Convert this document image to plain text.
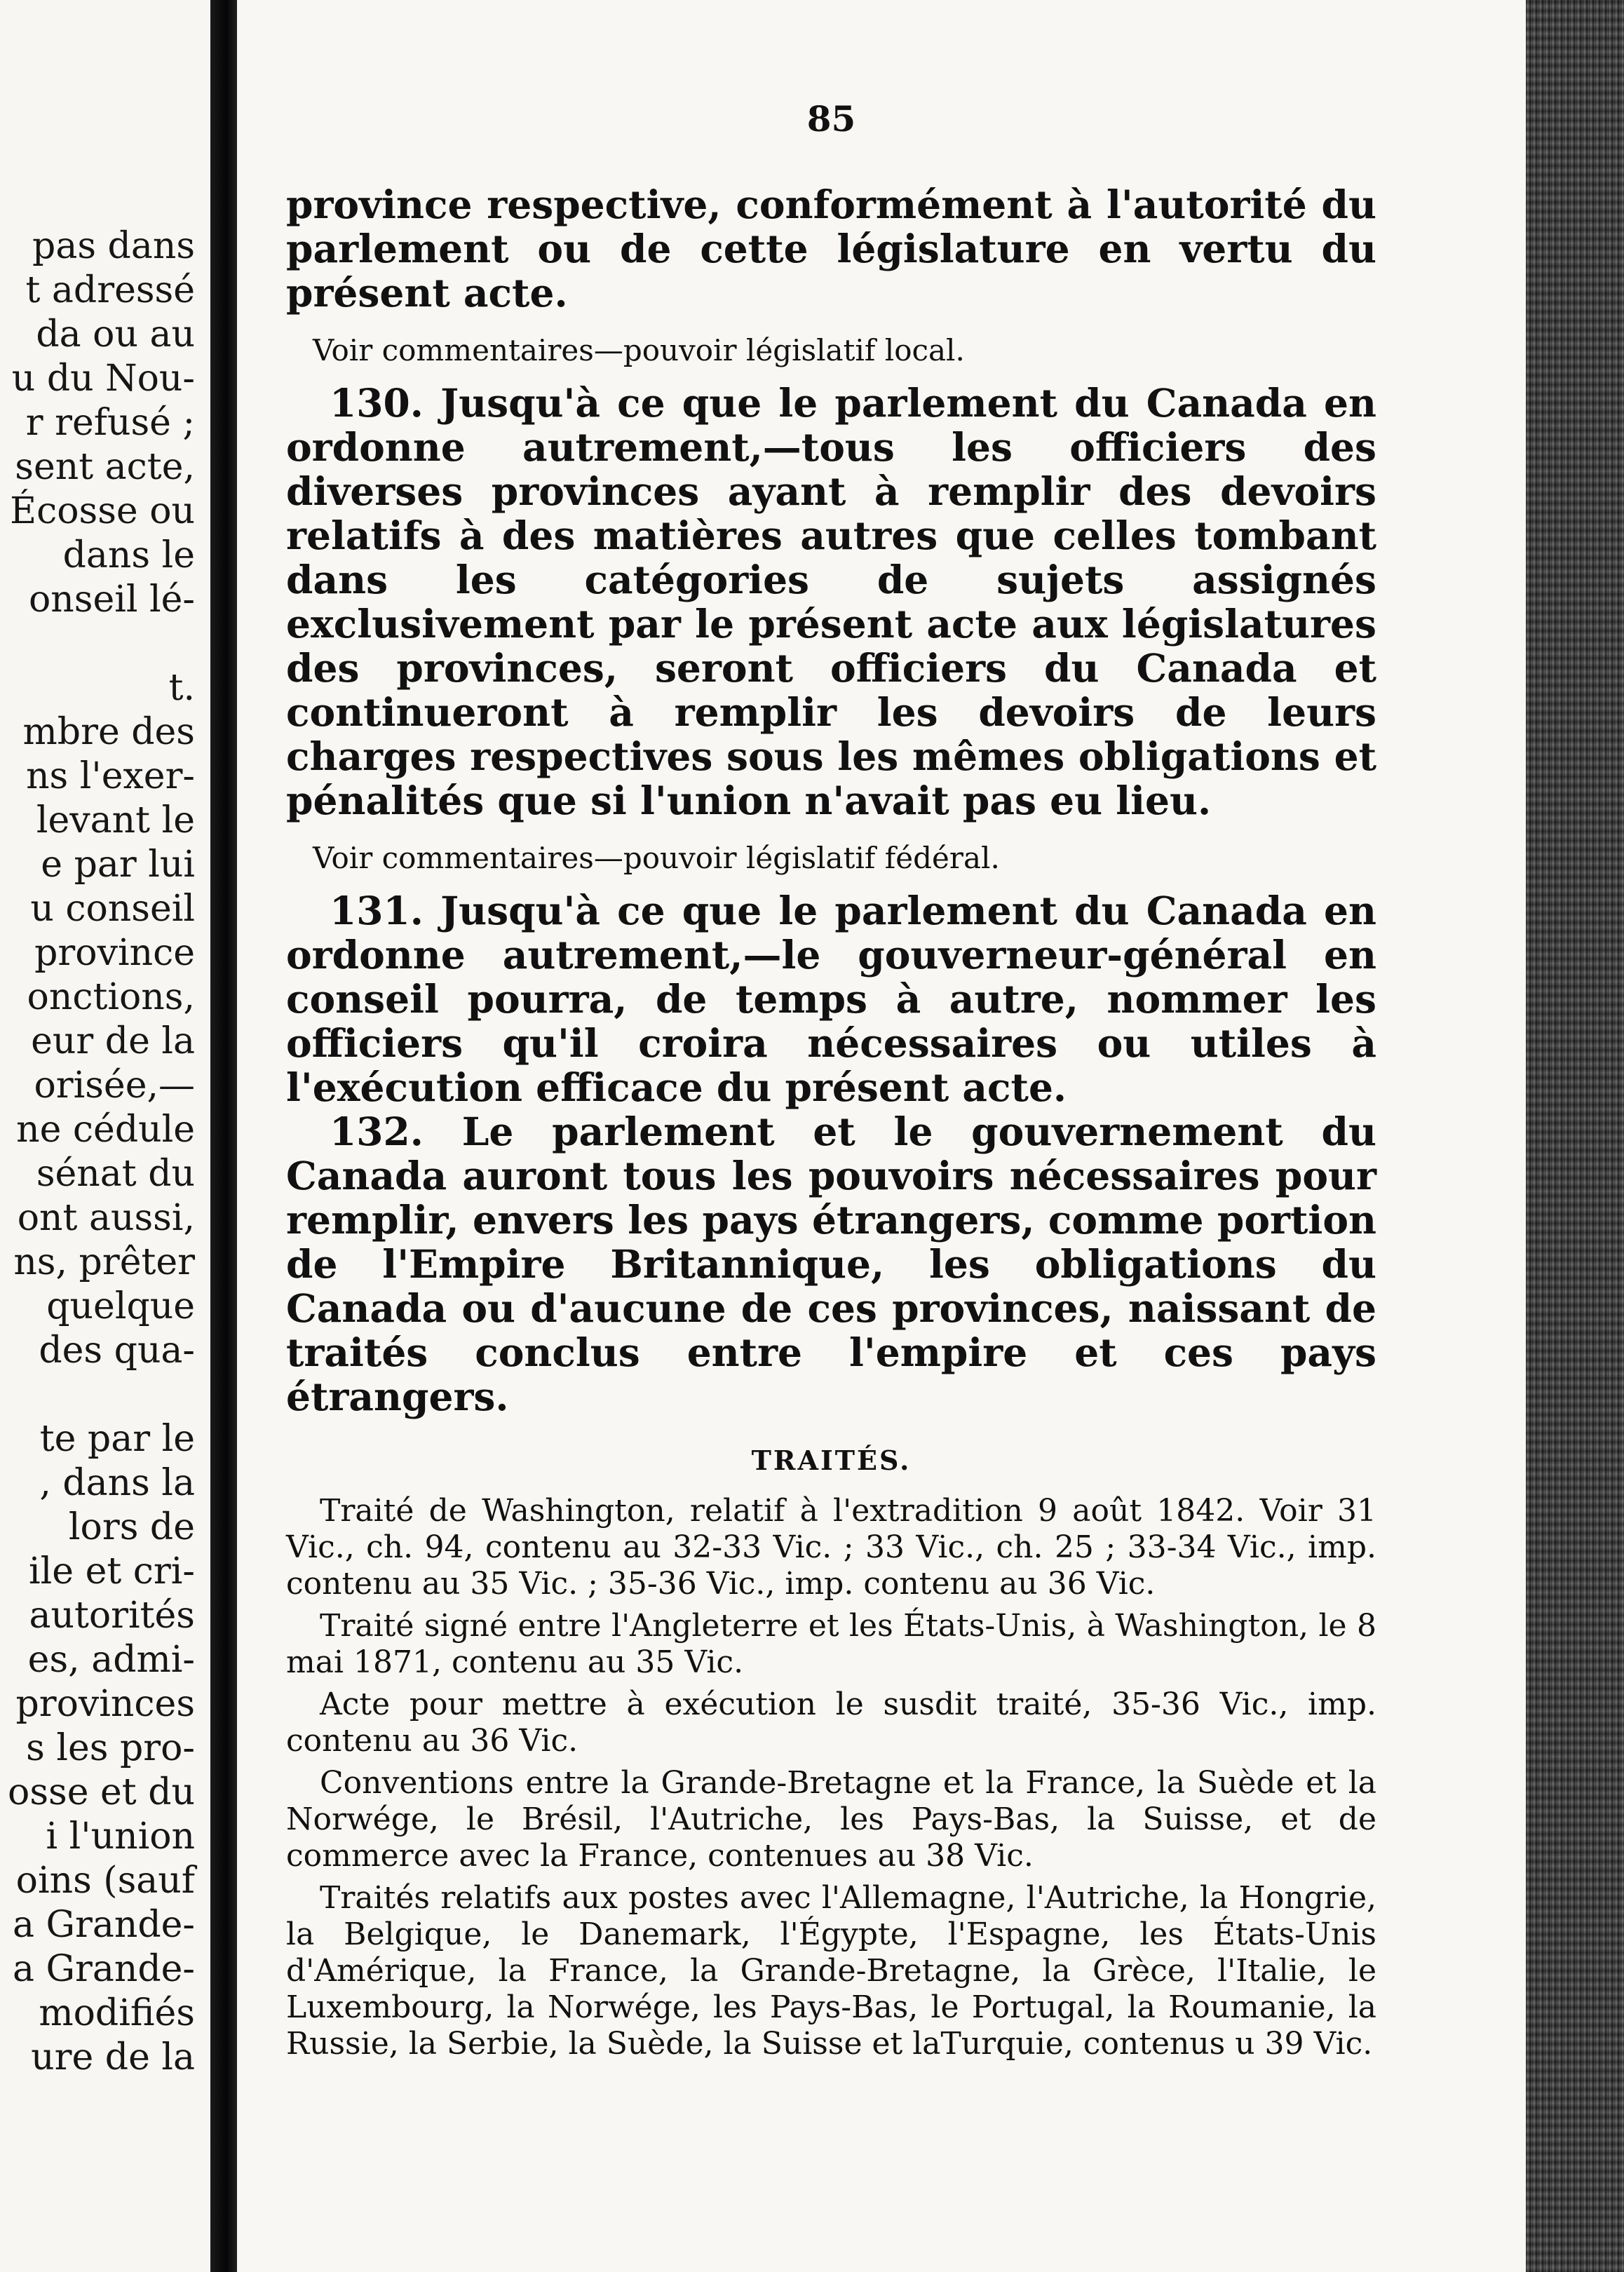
pas dans
t adressé
da ou au
u du Nou-
r refusé ;
sent acte,
Écosse ou
dans le
onseil lé-

t.
mbre des
ns l'exer-
levant le
e par lui
u conseil
province
onctions,
eur de la
orisée,—
ne cédule
sénat du
ont aussi,
ns, prêter
quelque
des qua-

te par le
, dans la
lors de
ile et cri-
autorités
es, admi-
provinces
s les pro-
osse et du
i l'union
oins (sauf
a Grande-
a Grande-
modifiés
ure de la
85

province respective, conformément à l'autorité du parlement ou de cette législature en vertu du présent acte.

Voir commentaires—pouvoir législatif local.

130. Jusqu'à ce que le parlement du Canada en ordonne autrement,—tous les officiers des diverses provinces ayant à remplir des devoirs relatifs à des matières autres que celles tombant dans les catégories de sujets assignés exclusivement par le présent acte aux législatures des provinces, seront officiers du Canada et continueront à remplir les devoirs de leurs charges respectives sous les mêmes obligations et pénalités que si l'union n'avait pas eu lieu.

Voir commentaires—pouvoir législatif fédéral.

131. Jusqu'à ce que le parlement du Canada en ordonne autrement,—le gouverneur-général en conseil pourra, de temps à autre, nommer les officiers qu'il croira nécessaires ou utiles à l'exécution efficace du présent acte.

132. Le parlement et le gouvernement du Canada auront tous les pouvoirs nécessaires pour remplir, envers les pays étrangers, comme portion de l'Empire Britannique, les obligations du Canada ou d'aucune de ces provinces, naissant de traités conclus entre l'empire et ces pays étrangers.

TRAITÉS.

Traité de Washington, relatif à l'extradition 9 août 1842. Voir 31 Vic., ch. 94, contenu au 32-33 Vic. ; 33 Vic., ch. 25 ; 33-34 Vic., imp. contenu au 35 Vic. ; 35-36 Vic., imp. contenu au 36 Vic.

Traité signé entre l'Angleterre et les États-Unis, à Washington, le 8 mai 1871, contenu au 35 Vic.

Acte pour mettre à exécution le susdit traité, 35-36 Vic., imp. contenu au 36 Vic.

Conventions entre la Grande-Bretagne et la France, la Suède et la Norwége, le Brésil, l'Autriche, les Pays-Bas, la Suisse, et de commerce avec la France, contenues au 38 Vic.

Traités relatifs aux postes avec l'Allemagne, l'Autriche, la Hongrie, la Belgique, le Danemark, l'Égypte, l'Espagne, les États-Unis d'Amérique, la France, la Grande-Bretagne, la Grèce, l'Italie, le Luxembourg, la Norwége, les Pays-Bas, le Portugal, la Roumanie, la Russie, la Serbie, la Suède, la Suisse et laTurquie, contenus u 39 Vic.
